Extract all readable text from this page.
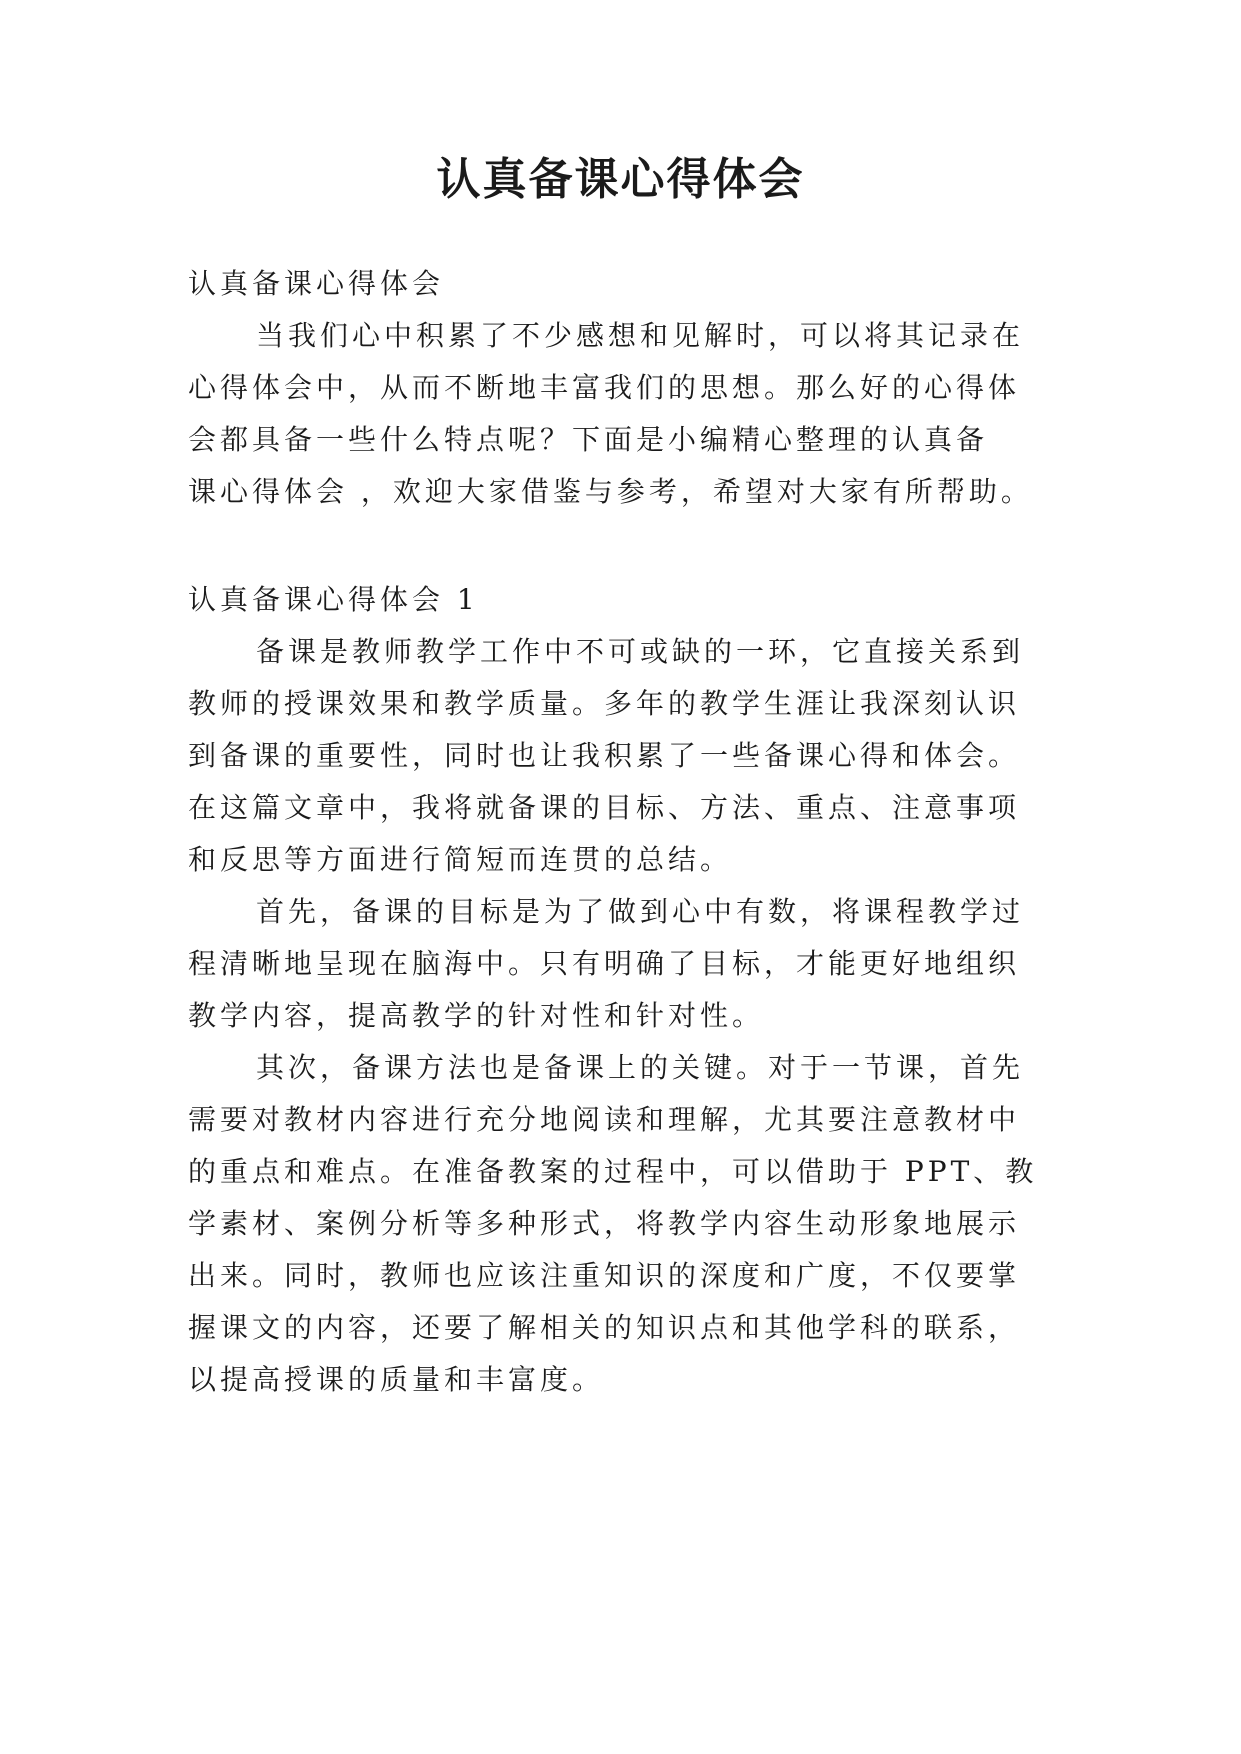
认真备课心得体会
认真备课心得体会
当我们心中积累了不少感想和见解时，可以将其记录在
心得体会中，从而不断地丰富我们的思想。那么好的心得体
会都具备一些什么特点呢？下面是小编精心整理的认真备
课心得体会 ，欢迎大家借鉴与参考，希望对大家有所帮助。
认真备课心得体会 1
备课是教师教学工作中不可或缺的一环，它直接关系到
教师的授课效果和教学质量。多年的教学生涯让我深刻认识
到备课的重要性，同时也让我积累了一些备课心得和体会。
在这篇文章中，我将就备课的目标、方法、重点、注意事项
和反思等方面进行简短而连贯的总结。
首先，备课的目标是为了做到心中有数，将课程教学过
程清晰地呈现在脑海中。只有明确了目标，才能更好地组织
教学内容，提高教学的针对性和针对性。
其次，备课方法也是备课上的关键。对于一节课，首先
需要对教材内容进行充分地阅读和理解，尤其要注意教材中
的重点和难点。在准备教案的过程中，可以借助于 PPT、教
学素材、案例分析等多种形式，将教学内容生动形象地展示
出来。同时，教师也应该注重知识的深度和广度，不仅要掌
握课文的内容，还要了解相关的知识点和其他学科的联系，
以提高授课的质量和丰富度。
